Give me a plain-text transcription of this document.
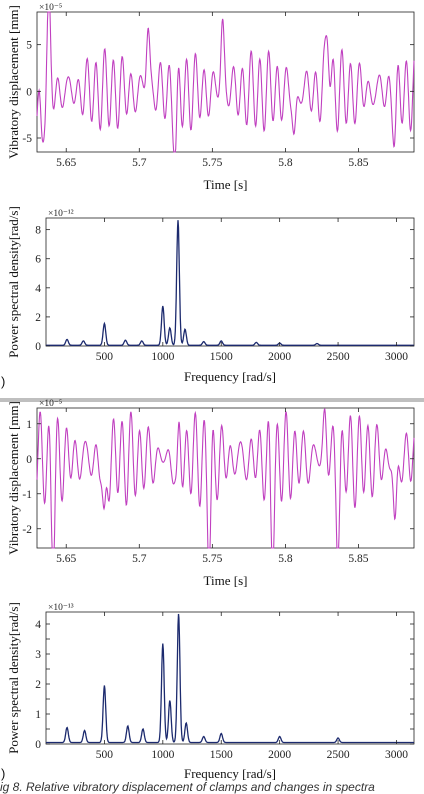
)
)
ig 8. Relative vibratory displacement of clamps and changes in spectra
5.65	5.7	5.75	5.8	5.85
-5
0
5
×10⁻⁵
Time [s]
Vibratory displacement [mm]
500	1000	1500	2000	2500	3000
0
2
4
6
8
×10⁻¹²
Frequency [rad/s]
Power spectral density[rad/s]
5.65	5.7	5.75	5.8	5.85
-2
-1
0
1
×10⁻⁵
Time [s]
Vibratory displacement [mm]
500	1000	1500	2000	2500	3000
0
1
2
3
4
×10⁻¹³
Frequency [rad/s]
Power spectral density[rad/s]
